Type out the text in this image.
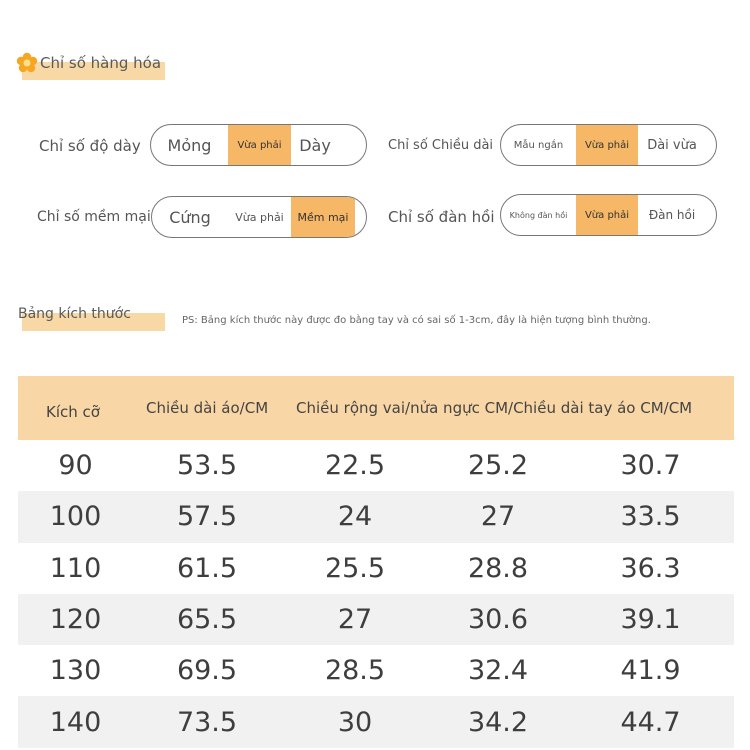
Chỉ số hàng hóa
Chỉ số độ dày	Mỏng	Vừa phải	Dày	Chỉ số Chiều dài	Mẫu ngắn	Vừa phải	Dài vừa
Chỉ số mềm mại	Cứng	Vừa phải	Mềm mại	Chỉ số đàn hồi	Không đàn hồi	Vừa phải	Đàn hồi
Bảng kích thước	PS: Bảng kích thước này được đo bằng tay và có sai số 1-3cm, đây là hiện tượng bình thường.
Kích cỡ	Chiều dài áo/CM	Chiều rộng vai/nửa ngực CM/Chiều dài tay áo CM/CM		
90	53.5	22.5	25.2	30.7
100	57.5	24	27	33.5
110	61.5	25.5	28.8	36.3
120	65.5	27	30.6	39.1
130	69.5	28.5	32.4	41.9
140	73.5	30	34.2	44.7
